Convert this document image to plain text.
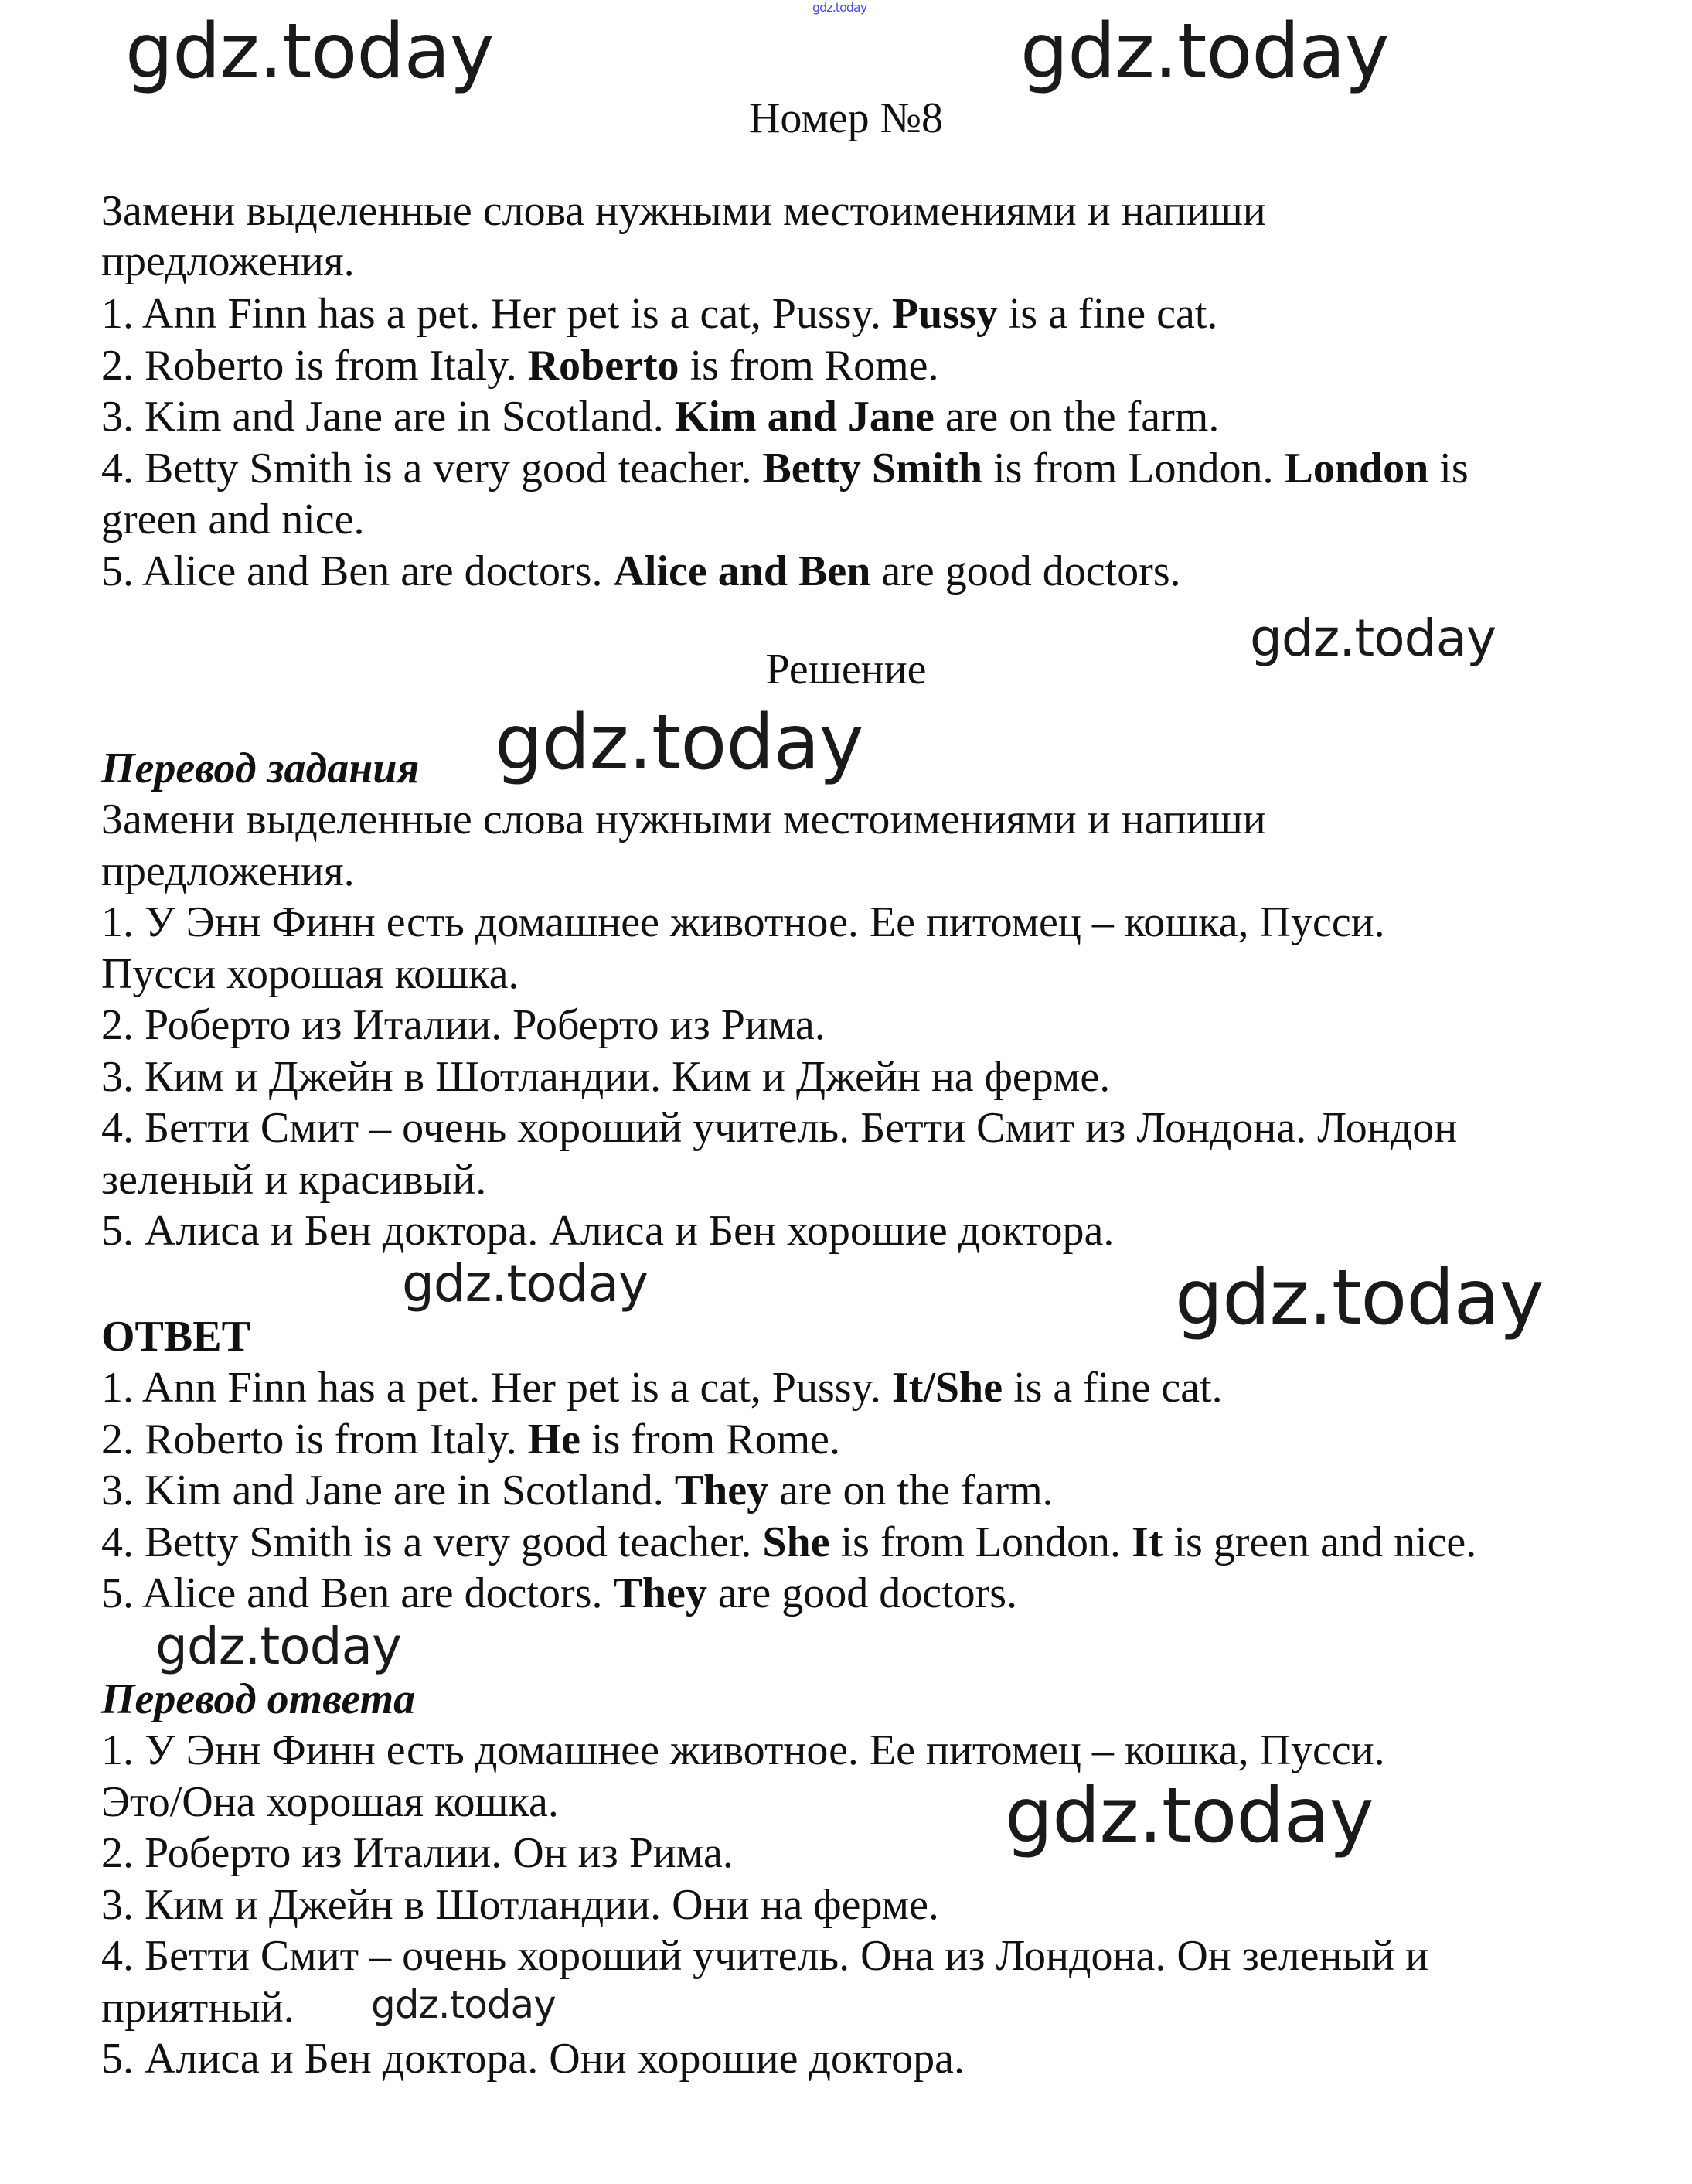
Номер №8
Решение
Перевод задания
ОТВЕТ
Перевод ответа
Замени выделенные слова нужными местоимениями и напиши
предложения.
1. Ann Finn has a pet. Her pet is a cat, Pussy. Pussy is a fine cat.
2. Roberto is from Italy. Roberto is from Rome.
3. Kim and Jane are in Scotland. Kim and Jane are on the farm.
4. Betty Smith is a very good teacher. Betty Smith is from London. London is
green and nice.
5. Alice and Ben are doctors. Alice and Ben are good doctors.
Замени выделенные слова нужными местоимениями и напиши
предложения.
1. У Энн Финн есть домашнее животное. Ее питомец – кошка, Пусси.
Пусси хорошая кошка.
2. Роберто из Италии. Роберто из Рима.
3. Ким и Джейн в Шотландии. Ким и Джейн на ферме.
4. Бетти Смит – очень хороший учитель. Бетти Смит из Лондона. Лондон
зеленый и красивый.
5. Алиса и Бен доктора. Алиса и Бен хорошие доктора.
1. Ann Finn has a pet. Her pet is a cat, Pussy. It/She is a fine cat.
2. Roberto is from Italy. He is from Rome.
3. Kim and Jane are in Scotland. They are on the farm.
4. Betty Smith is a very good teacher. She is from London. It is green and nice.
5. Alice and Ben are doctors. They are good doctors.
1. У Энн Финн есть домашнее животное. Ее питомец – кошка, Пусси.
Это/Она хорошая кошка.
2. Роберто из Италии. Он из Рима.
3. Ким и Джейн в Шотландии. Они на ферме.
4. Бетти Смит – очень хороший учитель. Она из Лондона. Он зеленый и
приятный.
5. Алиса и Бен доктора. Они хорошие доктора.
gdz.today
gdz.today	gdz.today
gdz.today
gdz.today
gdz.today	gdz.today
gdz.today
gdz.today
gdz.today
